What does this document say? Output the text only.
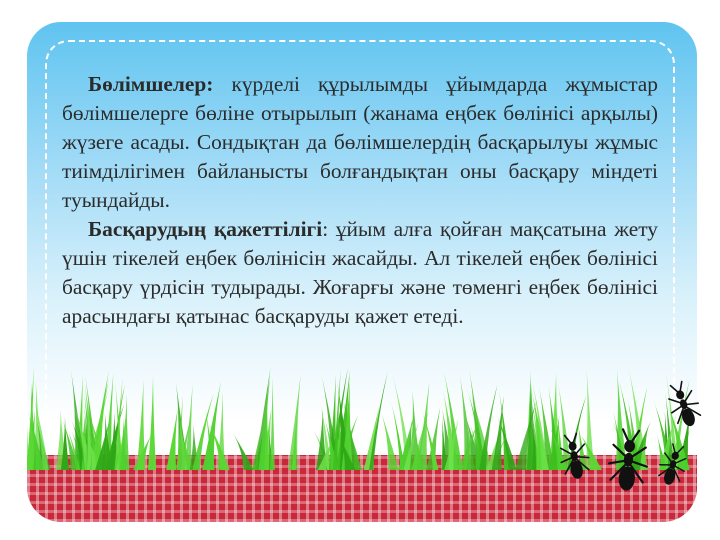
Бөлімшелер: күрделі құрылымды ұйымдарда жұмыстар бөлімшелерге бөліне отырылып (жанама еңбек бөлінісі арқылы) жүзеге асады. Сондықтан да бөлімшелердің басқарылуы жұмыс тиімділігімен байланысты болғандықтан оны басқару міндеті туындайды.

Басқарудың қажеттілігі: ұйым алға қойған мақсатына жету үшін тікелей еңбек бөлінісін жасайды. Ал тікелей еңбек бөлінісі басқару үрдісін тудырады. Жоғарғы және төменгі еңбек бөлінісі арасындағы қатынас басқаруды қажет етеді.
